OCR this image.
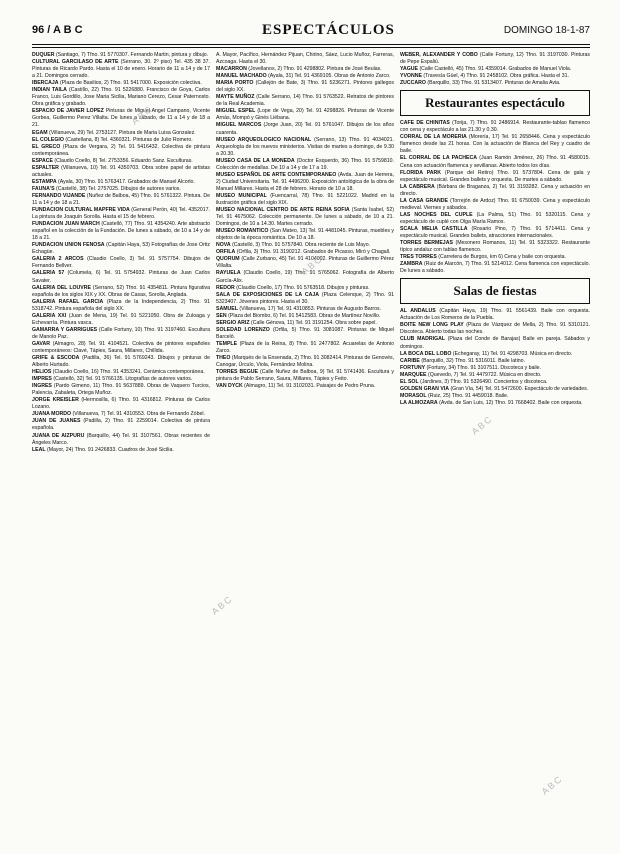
96 / A B C	ESPECTÁCULOS	DOMINGO 18-1-87

DUQUER (Santiago, 7) Tfno. 91 5770307. Fernando Martin, pintura y dibujo.

CULTURAL GARCILASO DE ARTE (Serrano, 30. 2º piso) Tel. 435 38 37. Pinturas de Ricardo Pardo. Hasta el 10 de enero. Horario de 11 a 14 y de 17 a 21. Domingos cerrado.

IBERCAJA (Plaza de Basilios, 2) Tfno. 91 5417000. Exposición colectiva.

INDIAN TAILA (Castillo, 22) Tfno. 91 5226880. Francisco de Goya, Carlos Franco, Luis Gordillo, Jose Maria Sicilia, Mariano Cerezo, Cesar Paternosto. Obra gráfica y grabado.

ESPACIO DE JAVIER LOPEZ Pinturas de Miguel Angel Campano, Vicente Gorbea, Guillermo Perez Villalta. De lunes a sábado, de 11 a 14 y de 18 a 21.

EGAM (Villanueva, 29) Tel. 2753127. Pintura de Maria Luisa Gonzalez.

EL COLEGIO (Castellana, 8) Tel. 4360321. Pinturas de Julio Romero.

EL GRECO (Plaza de Vergara, 2) Tel. 91 5416432. Colectiva de pintura contemporánea.

ESPACE (Claudio Coello, 8) Tel. 2753356. Eduardo Sanz. Esculturas.

ESPALTER (Villanueva, 10) Tel. 91 4350703. Obra sobre papel de artistas actuales.

ESTAMPA (Ayala, 30) Tfno. 91 5763417. Grabados de Manuel Alcorlo.

FAUNA'S (Castelló, 38) Tel. 2757025. Dibujos de autores varios.

FERNANDO VIJANDE (Nuñez de Balboa, 45) Tfno. 91 5761322. Pintura. De 11 a 14 y de 18 a 21.

FUNDACION CULTURAL MAPFRE VIDA (General Perón, 40) Tel. 4352017. La pintura de Joaquín Sorolla. Hasta el 15 de febrero.

FUNDACION JUAN MARCH (Castelló, 77) Tfno. 91 4354240. Arte abstracto español en la colección de la Fundación. De lunes a sábado, de 10 a 14 y de 18 a 21.

FUNDACION UNION FENOSA (Capitán Haya, 53) Fotografías de Jose Ortiz Echagüe.

GALERIA 2 ARCOS (Claudio Coello, 3) Tel. 91 5757754. Dibujos de Fernando Bellver.

GALERIA 57 (Columela, 6) Tel. 91 5754932. Pinturas de Juan Carlos Savater.

GALERIA DEL LOUVRE (Serrano, 52) Tfno. 91 4354811. Pintura figurativa española de los siglos XIX y XX. Obras de Casas, Sorolla, Anglada.

GALERIA RAFAEL GARCIA (Plaza de la Independencia, 2) Tfno. 91 5318742. Pintura española del siglo XX.

GALERIA XXI (Juan de Mena, 19) Tel. 91 5221050. Obra de Zuloaga y Echevarría. Pintura vasca.

GAMARRA Y GARRIGUES (Calle Fortuny, 10) Tfno. 91 3197460. Escultura de Manolo Paz.

GAVAR (Almagro, 28) Tel. 91 4104521. Colectiva de pintores españoles contemporáneos: Clavé, Tápies, Saura, Millares, Chillida.

GRIFE & ESCODA (Padilla, 36) Tel. 91 5769243. Dibujos y pinturas de Alberto Hurtado.

HELIOS (Claudio Coello, 16) Tfno. 91 4353241. Cerámica contemporánea.

IMPRES (Castelló, 32) Tel. 91 5766135. Litografías de autores varios.

INGRES (Pardo Gimeno, 11) Tfno. 91 5637889. Obras de Vaquero Turcios, Palencia, Zabaleta, Ortega Muñoz.

JORGE KREISLER (Hermosilla, 6) Tfno. 91 4316812. Pinturas de Carlos Lozano.

JUANA MORDO (Villanueva, 7) Tel. 91 4310553. Obra de Fernando Zóbel.

JUAN DE JUANES (Padilla, 2) Tfno. 91 2259014. Colectiva de pintura española.

JUANA DE AIZPURU (Barquillo, 44) Tel. 91 3107561. Obras recientes de Ángeles Marco.

LEAL (Mayor, 24) Tfno. 91 2426833. Cuadros de José Sicilia.

A. Mayor, Pacífico, Hernández Pijuan, Chirino, Sáez, Lucio Muñoz, Farreras, Azcoaga. Hasta el 30.

MACARRON (Jovellanos, 2) Tfno. 91 4298802. Pintura de José Beulas.

MANUEL MACHADO (Ayala, 31) Tel. 91 4369105. Obras de Antonio Zarco.

MARIA PORTO (Callejón de Bate, 3) Tfno. 91 5236271. Pintores gallegos del siglo XX.

MAYTE MUÑOZ (Calle Serrano, 14) Tfno. 91 5763522. Retratos de pintores de la Real Academia.

MIGUEL ESPEL (Lope de Vega, 20) Tel. 91 4298826. Pinturas de Vicente Arnás, Mompó y Ginés Liébana.

MIGUEL MARCOS (Jorge Juan, 20) Tel. 91 5761047. Dibujos de los años cuarenta.

MUSEO ARQUEOLOGICO NACIONAL (Serrano, 13) Tfno. 91 4034021. Arqueología de los nuevos ministerios. Visitas de martes a domingo, de 9.30 a 20.30.

MUSEO CASA DE LA MONEDA (Doctor Esquerdo, 36) Tfno. 91 5759810. Colección de medallas. De 10 a 14 y de 17 a 19.

MUSEO ESPAÑOL DE ARTE CONTEMPORANEO (Avda. Juan de Herrera, 2) Ciudad Universitaria. Tel. 91 4496200. Exposición antológica de la obra de Manuel Millares. Hasta el 28 de febrero. Horario de 10 a 18.

MUSEO MUNICIPAL (Fuencarral, 78) Tfno. 91 5221022. Madrid en la ilustración gráfica del siglo XIX.

MUSEO NACIONAL CENTRO DE ARTE REINA SOFIA (Santa Isabel, 52) Tel. 91 4675062. Colección permanente. De lunes a sábado, de 10 a 21. Domingos, de 10 a 14.30. Martes cerrado.

MUSEO ROMANTICO (San Mateo, 13) Tel. 91 4481045. Pinturas, muebles y objetos de la época romántica. De 10 a 18.

NOVA (Castelló, 3) Tfno. 91 5757840. Obra reciente de Luis Mayo.

ORFILA (Orfila, 3) Tfno. 91 3190212. Grabados de Picasso, Miró y Chagall.

QUORUM (Calle Zurbano, 45) Tel. 91 4104002. Pinturas de Guillermo Pérez Villalta.

RAYUELA (Claudio Coello, 19) Tfno. 91 5765062. Fotografía de Alberto García-Alix.

REDOR (Claudio Coello, 17) Tfno. 91 5763518. Dibujos y pinturas.

SALA DE EXPOSICIONES DE LA CAJA (Plaza Celenque, 2) Tfno. 91 5323407. Jóvenes pintores. Hasta el 30.

SAMUEL (Villanueva, 17) Tel. 91 4310853. Pinturas de Augusto Barros.

SEN (Plaza del Biombo, 6) Tel. 91 5412583. Obras de Martínez Novillo.

SERGIO ARIZ (Calle Génova, 11) Tel. 91 3191254. Obra sobre papel.

SOLEDAD LORENZO (Orfila, 5) Tfno. 91 3081087. Pinturas de Miquel Barceló.

TEMPLE (Plaza de la Reina, 8) Tfno. 91 2477802. Acuarelas de Antonio Zarco.

THEO (Marqués de la Ensenada, 2) Tfno. 91 3082414. Pinturas de Genovés, Canogar, Úrculo, Viola, Fernández Molina.

TORRES BEGUE (Calle Nuñez de Balboa, 9) Tel. 91 5741436. Escultura y pintura de Pablo Serrano, Saura, Millares, Tápies y Feito.

VAN DYCK (Almagro, 11) Tel. 91 3102031. Paisajes de Pedro Pruna.

WEBER, ALEXANDER Y COBO (Calle Fortuny, 12) Tfno. 91 3197030. Pinturas de Pepe Espaliú.

YAGUE (Calle Castelló, 45) Tfno. 91 4359014. Grabados de Manuel Viola.

YVONNE (Travesía Güel, 4) Tfno. 91 2458102. Obra gráfica. Hasta el 31.

ZUCCARO (Barquillo, 33) Tfno. 91 5313407. Pinturas de Amalia Avia.

Restaurantes espectáculo

CAFE DE CHINITAS (Torija, 7) Tfno. 91 2486914. Restaurante-tablao flamenco con cena y espectáculo a las 21.30 y 0.30.

CORRAL DE LA MORERIA (Morería, 17) Tel. 91 2658446. Cena y espectáculo flamenco desde las 21 horas. Con la actuación de Blanca del Rey y cuadro de baile.

EL CORRAL DE LA PACHECA (Juan Ramón Jiménez, 26) Tfno. 91 4580015. Cena con actuación flamenca y sevillanas. Abierto todos los días.

FLORIDA PARK (Parque del Retiro) Tfno. 91 5737804. Cena de gala y espectáculo musical. Grandes ballets y orquesta. De martes a sábado.

LA CABRERA (Bárbara de Braganza, 2) Tel. 91 3193282. Cena y actuación en directo.

LA CASA GRANDE (Torrejón de Ardoz) Tfno. 91 6750039. Cena y espectáculo medieval. Viernes y sábados.

LAS NOCHES DEL CUPLE (La Palma, 51) Tfno. 91 5320115. Cena y espectáculo de cuplé con Olga María Ramos.

SCALA MELIA CASTILLA (Rosario Pino, 7) Tfno. 91 5714411. Cena y espectáculo musical. Grandes ballets, atracciones internacionales.

TORRES BERMEJAS (Mesonero Romanos, 11) Tel. 91 5323322. Restaurante típico andaluz con tablao flamenco.

TRES TORRES (Carretera de Burgos, km 6) Cena y baile con orquesta.

ZAMBRA (Ruiz de Alarcón, 7) Tfno. 91 5214012. Cena flamenca con espectáculo. De lunes a sábado.

Salas de fiestas

AL ANDALUS (Capitán Haya, 19) Tfno. 91 5561439. Baile con orquesta. Actuación de Los Romeros de la Puebla.

BOITE NEW LONG PLAY (Plaza de Vázquez de Mella, 2) Tfno. 91 5310121. Discoteca. Abierto todas las noches.

CLUB MADRIGAL (Plaza del Conde de Barajas) Baile en pareja. Sábados y domingos.

LA BOCA DEL LOBO (Echegaray, 11) Tel. 91 4298703. Música en directo.

CARIBE (Barquillo, 32) Tfno. 91 5316011. Baile latino.

FORTUNY (Fortuny, 34) Tfno. 91 3107511. Discoteca y baile.

MARQUEE (Quevedo, 7) Tel. 91 4479722. Música en directo.

EL SOL (Jardines, 3) Tfno. 91 5326490. Conciertos y discoteca.

GOLDEN GRAN VIA (Gran Vía, 54) Tel. 91 5472600. Espectáculo de variedades.

MORASOL (Ruiz, 25) Tfno. 91 4459018. Baile.

LA ALMOZARA (Avda. de San Luis, 12) Tfno. 91 7668402. Baile con orquesta.

ABC
ABC
ABC
ABC
ABC
